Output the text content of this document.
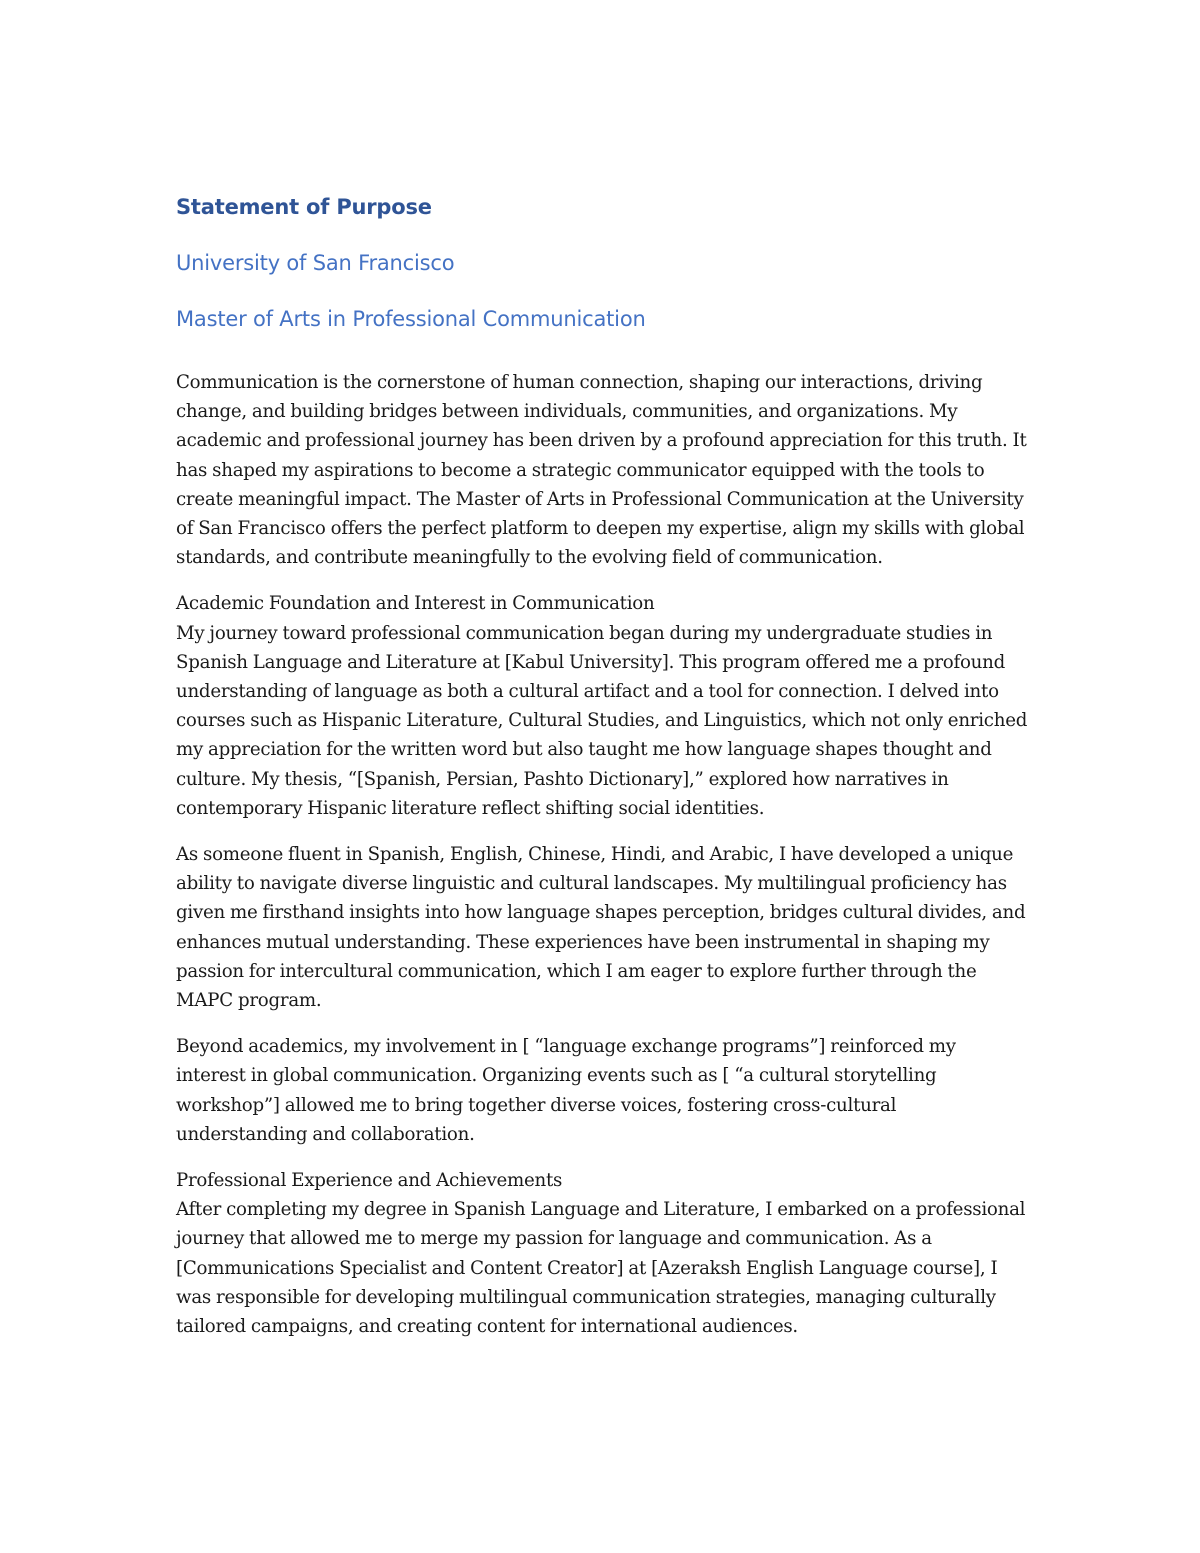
Statement of Purpose
University of San Francisco
Master of Arts in Professional Communication

Communication is the cornerstone of human connection, shaping our interactions, driving change, and building bridges between individuals, communities, and organizations. My academic and professional journey has been driven by a profound appreciation for this truth. It has shaped my aspirations to become a strategic communicator equipped with the tools to create meaningful impact. The Master of Arts in Professional Communication at the University of San Francisco offers the perfect platform to deepen my expertise, align my skills with global standards, and contribute meaningfully to the evolving field of communication.

Academic Foundation and Interest in Communication

My journey toward professional communication began during my undergraduate studies in Spanish Language and Literature at [Kabul University]. This program offered me a profound understanding of language as both a cultural artifact and a tool for connection. I delved into courses such as Hispanic Literature, Cultural Studies, and Linguistics, which not only enriched my appreciation for the written word but also taught me how language shapes thought and culture. My thesis, “[Spanish, Persian, Pashto Dictionary],” explored how narratives in contemporary Hispanic literature reflect shifting social identities.

As someone fluent in Spanish, English, Chinese, Hindi, and Arabic, I have developed a unique ability to navigate diverse linguistic and cultural landscapes. My multilingual proficiency has given me firsthand insights into how language shapes perception, bridges cultural divides, and enhances mutual understanding. These experiences have been instrumental in shaping my passion for intercultural communication, which I am eager to explore further through the MAPC program.

Beyond academics, my involvement in [ “language exchange programs”] reinforced my interest in global communication. Organizing events such as [ “a cultural storytelling workshop”] allowed me to bring together diverse voices, fostering cross-cultural understanding and collaboration.

Professional Experience and Achievements

After completing my degree in Spanish Language and Literature, I embarked on a professional journey that allowed me to merge my passion for language and communication. As a [Communications Specialist and Content Creator] at [Azeraksh English Language course], I was responsible for developing multilingual communication strategies, managing culturally tailored campaigns, and creating content for international audiences.
